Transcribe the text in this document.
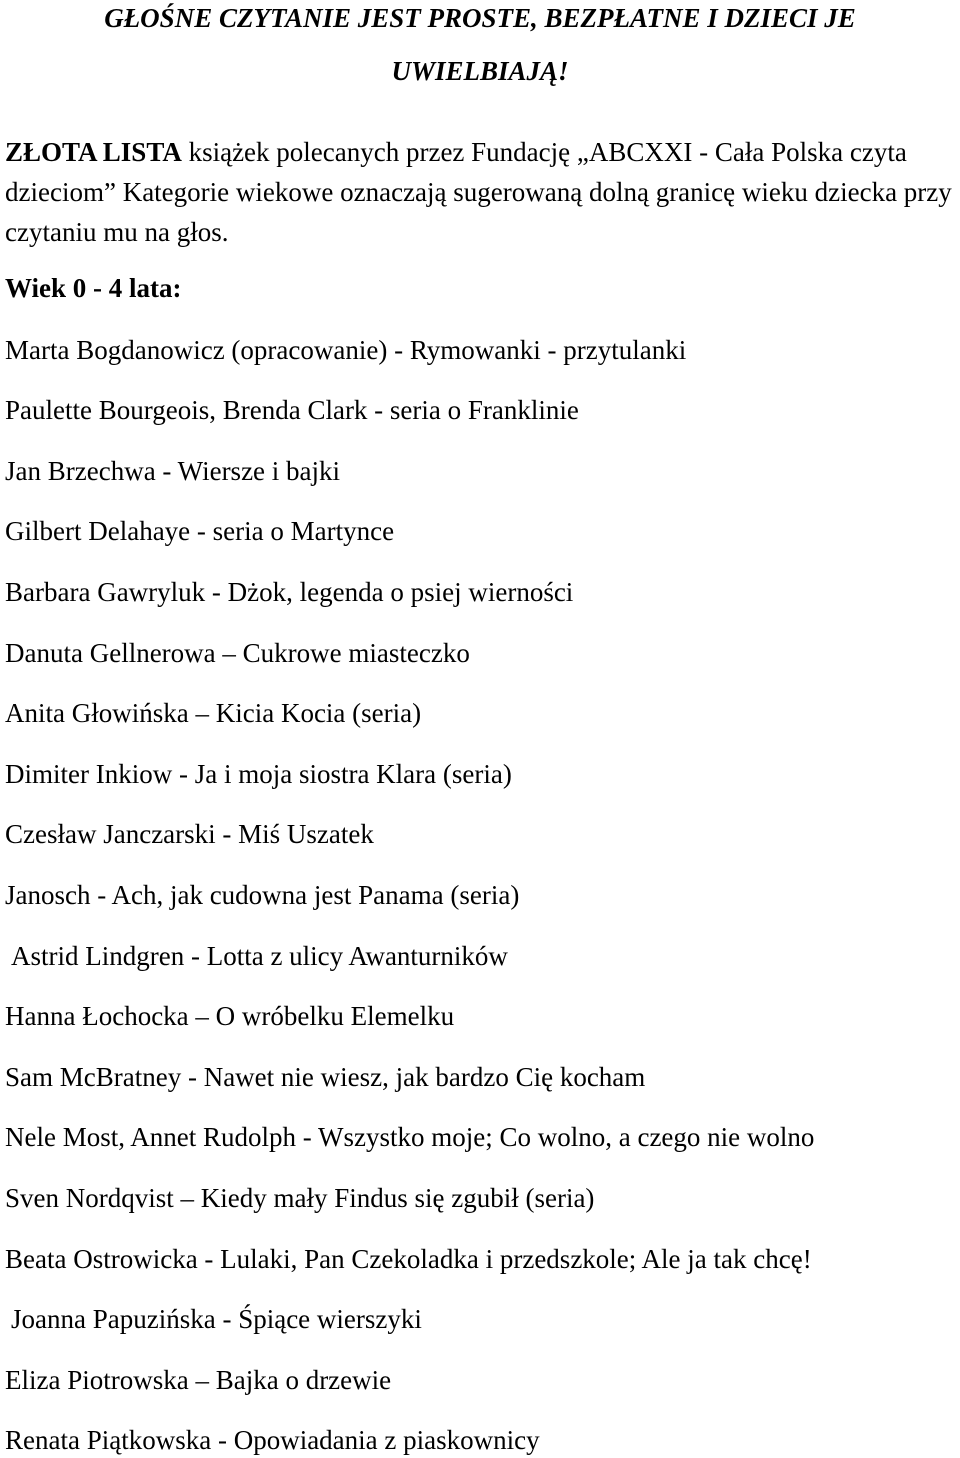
GŁOŚNE CZYTANIE JEST PROSTE, BEZPŁATNE I DZIECI JE
UWIELBIAJĄ!

ZŁOTA LISTA książek polecanych przez Fundację „ABCXXI - Cała Polska czyta dzieciom” Kategorie wiekowe oznaczają sugerowaną dolną granicę wieku dziecka przy czytaniu mu na głos.

Wiek 0 - 4 lata:
Marta Bogdanowicz (opracowanie) - Rymowanki - przytulanki
Paulette Bourgeois, Brenda Clark - seria o Franklinie
Jan Brzechwa - Wiersze i bajki
Gilbert Delahaye - seria o Martynce
Barbara Gawryluk - Dżok, legenda o psiej wierności
Danuta Gellnerowa – Cukrowe miasteczko
Anita Głowińska – Kicia Kocia (seria)
Dimiter Inkiow - Ja i moja siostra Klara (seria)
Czesław Janczarski - Miś Uszatek
Janosch - Ach, jak cudowna jest Panama (seria)
Astrid Lindgren - Lotta z ulicy Awanturników
Hanna Łochocka – O wróbelku Elemelku
Sam McBratney - Nawet nie wiesz, jak bardzo Cię kocham
Nele Most, Annet Rudolph - Wszystko moje; Co wolno, a czego nie wolno
Sven Nordqvist – Kiedy mały Findus się zgubił (seria)
Beata Ostrowicka - Lulaki, Pan Czekoladka i przedszkole; Ale ja tak chcę!
Joanna Papuzińska - Śpiące wierszyki
Eliza Piotrowska – Bajka o drzewie
Renata Piątkowska - Opowiadania z piaskownicy
